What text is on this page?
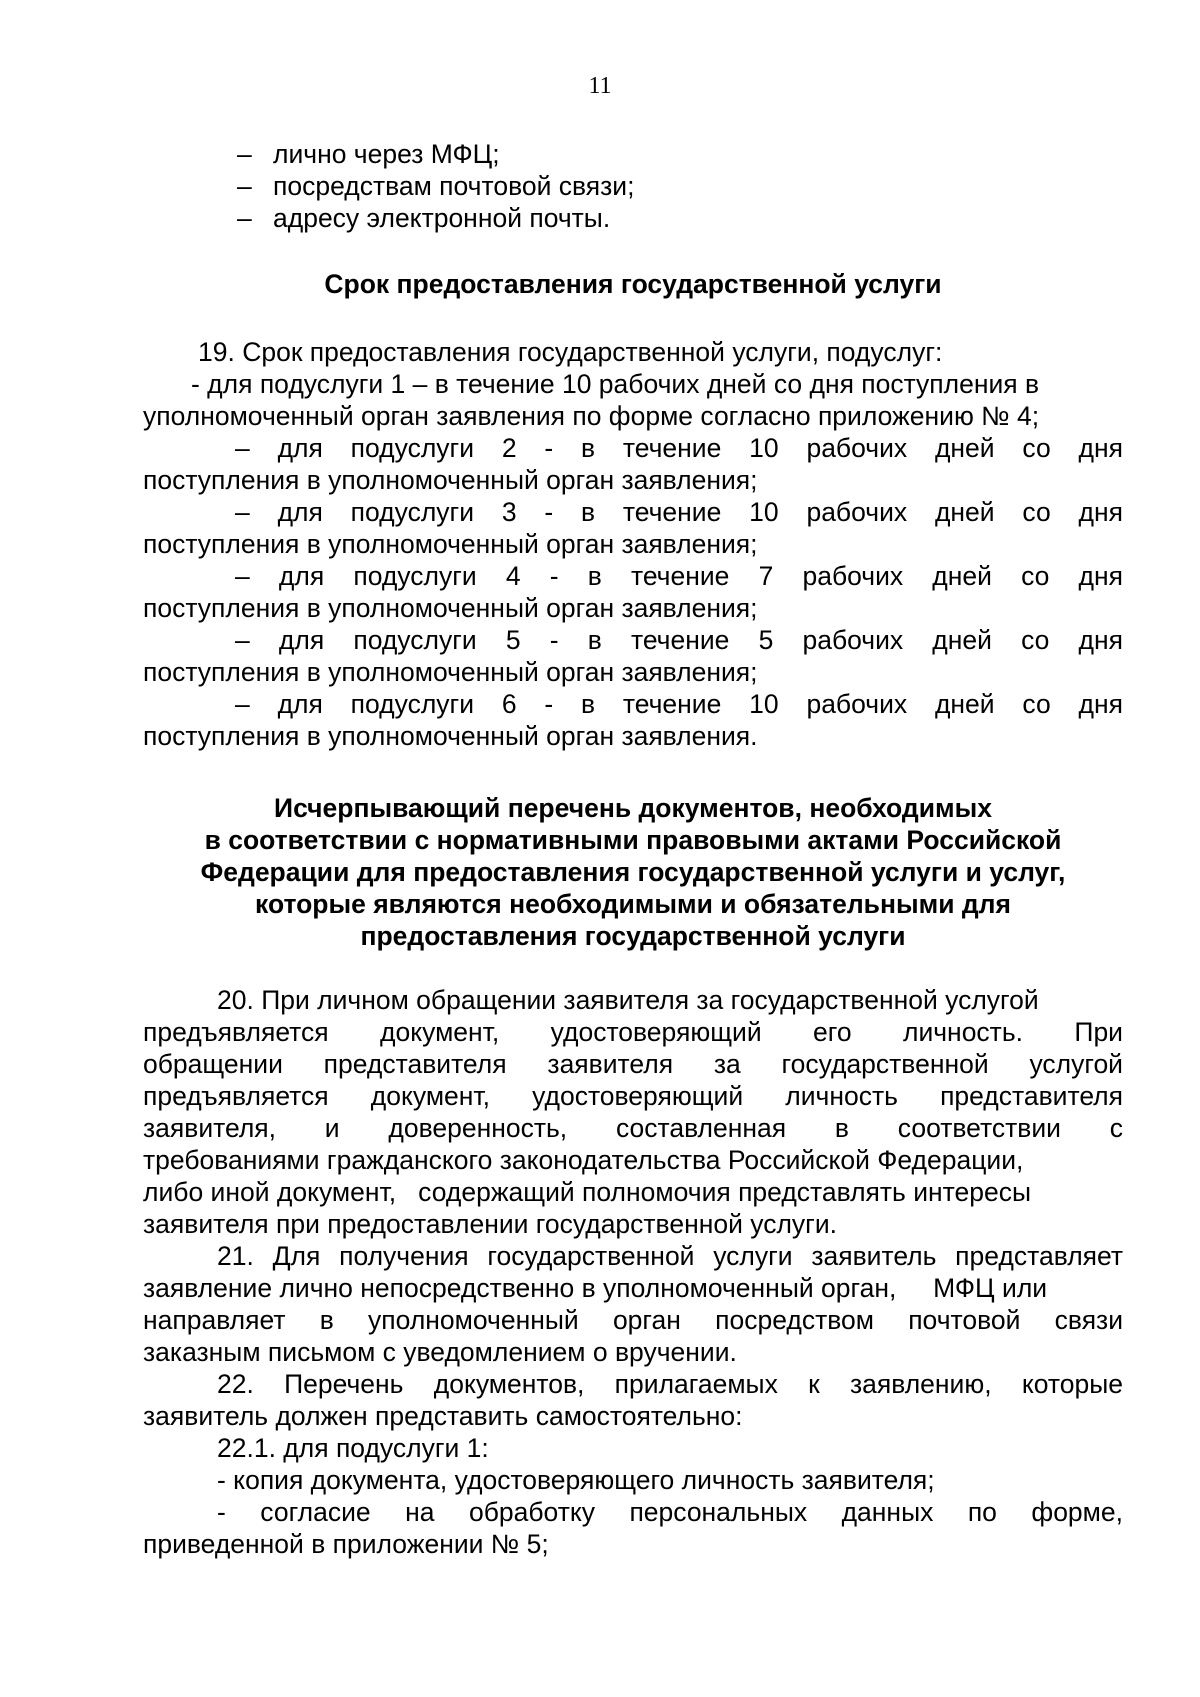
11
– лично через МФЦ;
– посредствам почтовой связи;
– адресу электронной почты.
Срок предоставления государственной услуги
19. Срок предоставления государственной услуги, подуслуг:
- для подуслуги 1 – в течение 10 рабочих дней со дня поступления в
уполномоченный орган заявления по форме согласно приложению № 4;
– для подуслуги 2 - в течение 10 рабочих дней со дня
поступления в уполномоченный орган заявления;
– для подуслуги 3 - в течение 10 рабочих дней со дня
поступления в уполномоченный орган заявления;
– для подуслуги 4 - в течение 7 рабочих дней со дня
поступления в уполномоченный орган заявления;
– для подуслуги 5 - в течение 5 рабочих дней со дня
поступления в уполномоченный орган заявления;
– для подуслуги 6 - в течение 10 рабочих дней со дня
поступления в уполномоченный орган заявления.
Исчерпывающий перечень документов, необходимых
в соответствии с нормативными правовыми актами Российской
Федерации для предоставления государственной услуги и услуг,
которые являются необходимыми и обязательными для
предоставления государственной услуги
20. При личном обращении заявителя за государственной услугой
предъявляется документ, удостоверяющий его личность. При
обращении представителя заявителя за государственной услугой
предъявляется документ, удостоверяющий личность представителя
заявителя, и доверенность, составленная в соответствии с
требованиями гражданского законодательства Российской Федерации,
либо иной документ,   содержащий полномочия представлять интересы
заявителя при предоставлении государственной услуги.
21. Для получения государственной услуги заявитель представляет
заявление лично непосредственно в уполномоченный орган,     МФЦ или
направляет в уполномоченный орган посредством почтовой связи
заказным письмом с уведомлением о вручении.
22. Перечень документов, прилагаемых к заявлению, которые
заявитель должен представить самостоятельно:
22.1. для подуслуги 1:
- копия документа, удостоверяющего личность заявителя;
- согласие на обработку персональных данных по форме,
приведенной в приложении № 5;
